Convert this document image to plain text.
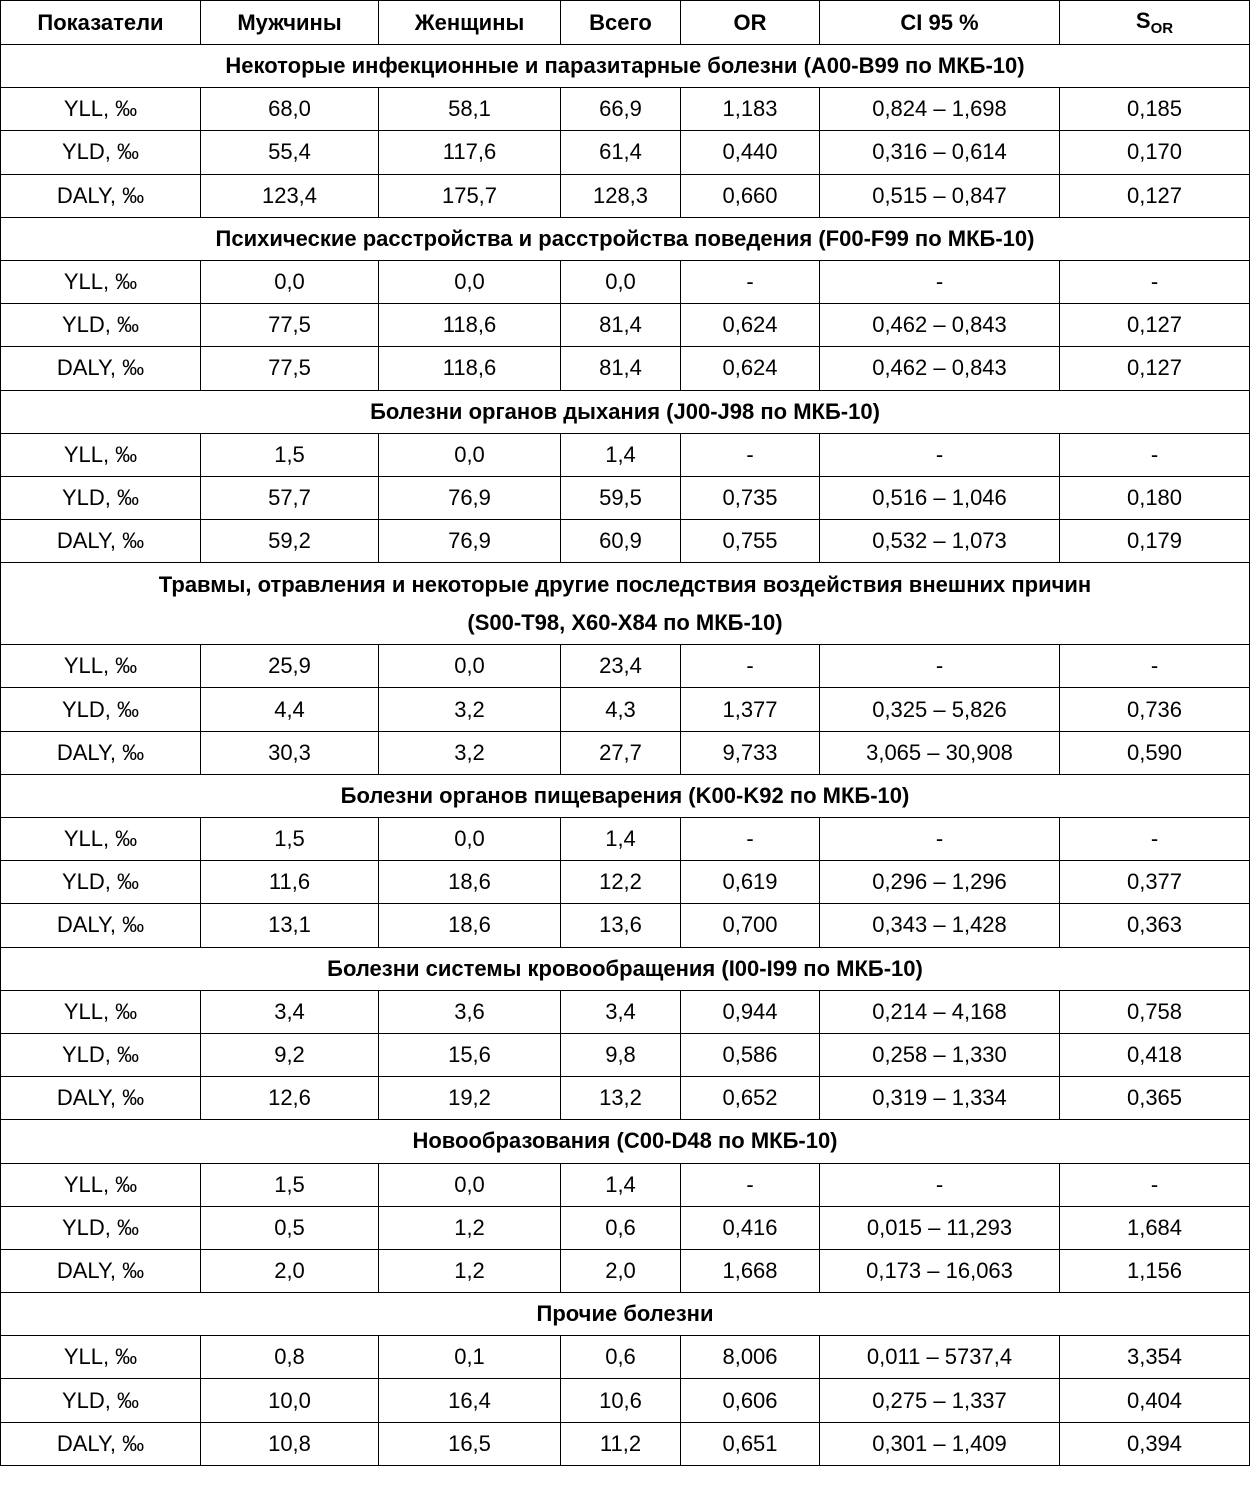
Показатели	Мужчины	Женщины	Всего	OR	CI 95 %	$S_{OR}$
Некоторые инфекционные и паразитарные болезни (A00-B99 по МКБ-10)						
YLL, ‰	68,0	58,1	66,9	1,183	0,824 – 1,698	0,185
YLD, ‰	55,4	117,6	61,4	0,440	0,316 – 0,614	0,170
DALY, ‰	123,4	175,7	128,3	0,660	0,515 – 0,847	0,127
Психические расстройства и расстройства поведения (F00-F99 по МКБ-10)						
YLL, ‰	0,0	0,0	0,0	-	-	-
YLD, ‰	77,5	118,6	81,4	0,624	0,462 – 0,843	0,127
DALY, ‰	77,5	118,6	81,4	0,624	0,462 – 0,843	0,127
Болезни органов дыхания (J00-J98 по МКБ-10)						
YLL, ‰	1,5	0,0	1,4	-	-	-
YLD, ‰	57,7	76,9	59,5	0,735	0,516 – 1,046	0,180
DALY, ‰	59,2	76,9	60,9	0,755	0,532 – 1,073	0,179
Травмы, отравления и некоторые другие последствия воздействия внешних причин
(S00-T98, X60-X84 по МКБ-10)						
YLL, ‰	25,9	0,0	23,4	-	-	-
YLD, ‰	4,4	3,2	4,3	1,377	0,325 – 5,826	0,736
DALY, ‰	30,3	3,2	27,7	9,733	3,065 – 30,908	0,590
Болезни органов пищеварения (K00-K92 по МКБ-10)						
YLL, ‰	1,5	0,0	1,4	-	-	-
YLD, ‰	11,6	18,6	12,2	0,619	0,296 – 1,296	0,377
DALY, ‰	13,1	18,6	13,6	0,700	0,343 – 1,428	0,363
Болезни системы кровообращения (I00-I99 по МКБ-10)						
YLL, ‰	3,4	3,6	3,4	0,944	0,214 – 4,168	0,758
YLD, ‰	9,2	15,6	9,8	0,586	0,258 – 1,330	0,418
DALY, ‰	12,6	19,2	13,2	0,652	0,319 – 1,334	0,365
Новообразования (C00-D48 по МКБ-10)						
YLL, ‰	1,5	0,0	1,4	-	-	-
YLD, ‰	0,5	1,2	0,6	0,416	0,015 – 11,293	1,684
DALY, ‰	2,0	1,2	2,0	1,668	0,173 – 16,063	1,156
Прочие болезни						
YLL, ‰	0,8	0,1	0,6	8,006	0,011 – 5737,4	3,354
YLD, ‰	10,0	16,4	10,6	0,606	0,275 – 1,337	0,404
DALY, ‰	10,8	16,5	11,2	0,651	0,301 – 1,409	0,394
